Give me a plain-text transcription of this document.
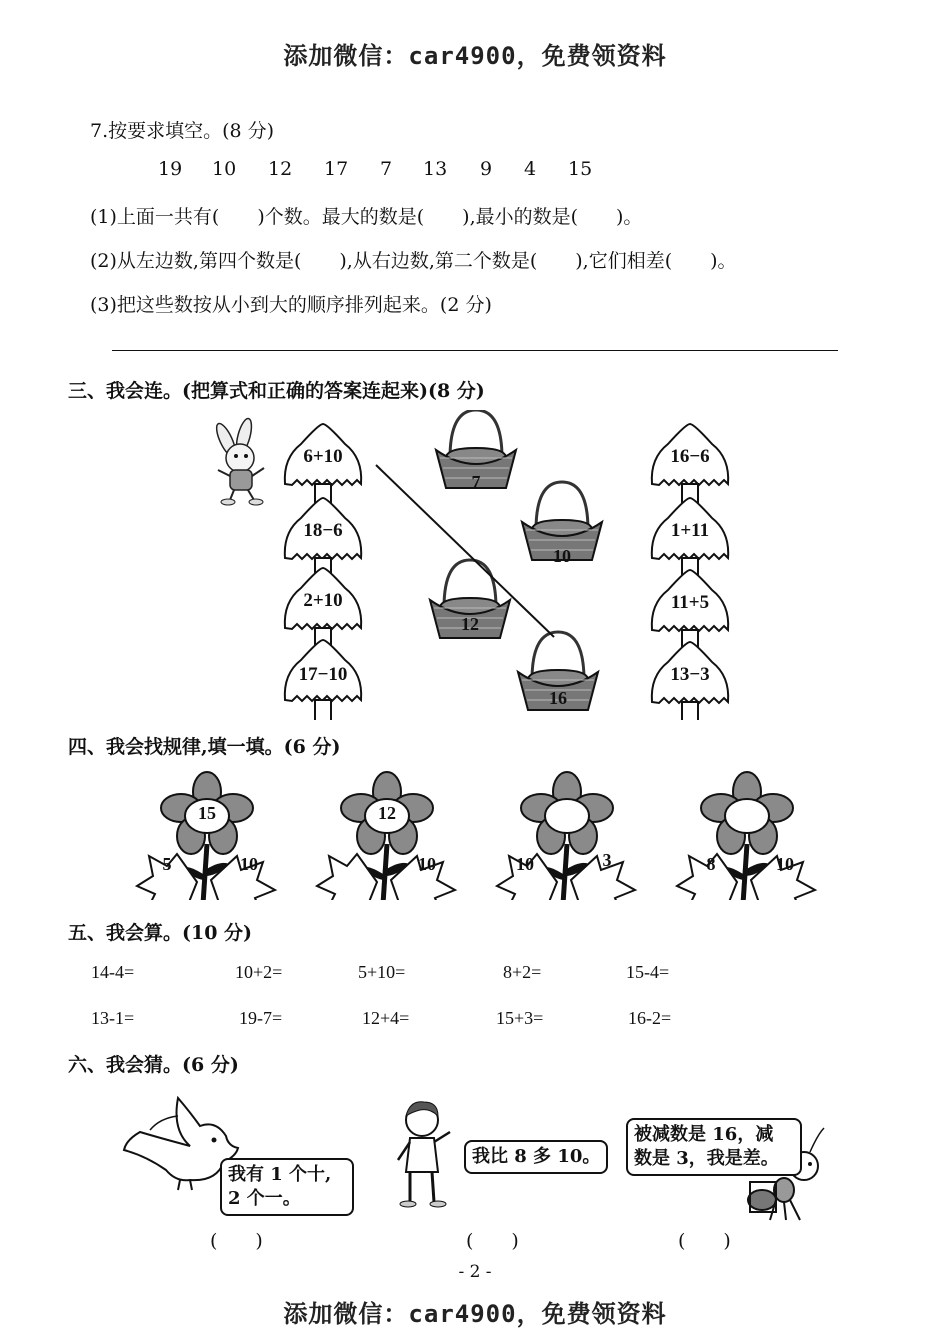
添加微信：car4900，免费领资料
添加微信：car4900，免费领资料
7.按要求填空。(8 分)
19 10 12 17 7 13 9 4 15
(1)上面一共有(　　)个数。最大的数是(　　),最小的数是(　　)。
(2)从左边数,第四个数是(　　),从右边数,第二个数是(　　),它们相差(　　)。
(3)把这些数按从小到大的顺序排列起来。(2 分)
三、我会连。(把算式和正确的答案连起来)(8 分)
6+10
18−6
2+10
17−10
7
10
12
16
16−6
1+11
11+5
13−3
四、我会找规律,填一填。(6 分)
15
5	10
12
10	10	3	8	10
五、我会算。(10 分)
14-4=	10+2=	5+10=	8+2=	15-4=
13-1=	19-7=	12+4=	15+3=	16-2=
六、我会猜。(6 分)
我有 1 个十,
2 个一。
我比 8 多 10。
被减数是 16，减
数是 3，我是差。
(　　)	(　　)	(　　)
- 2 -
